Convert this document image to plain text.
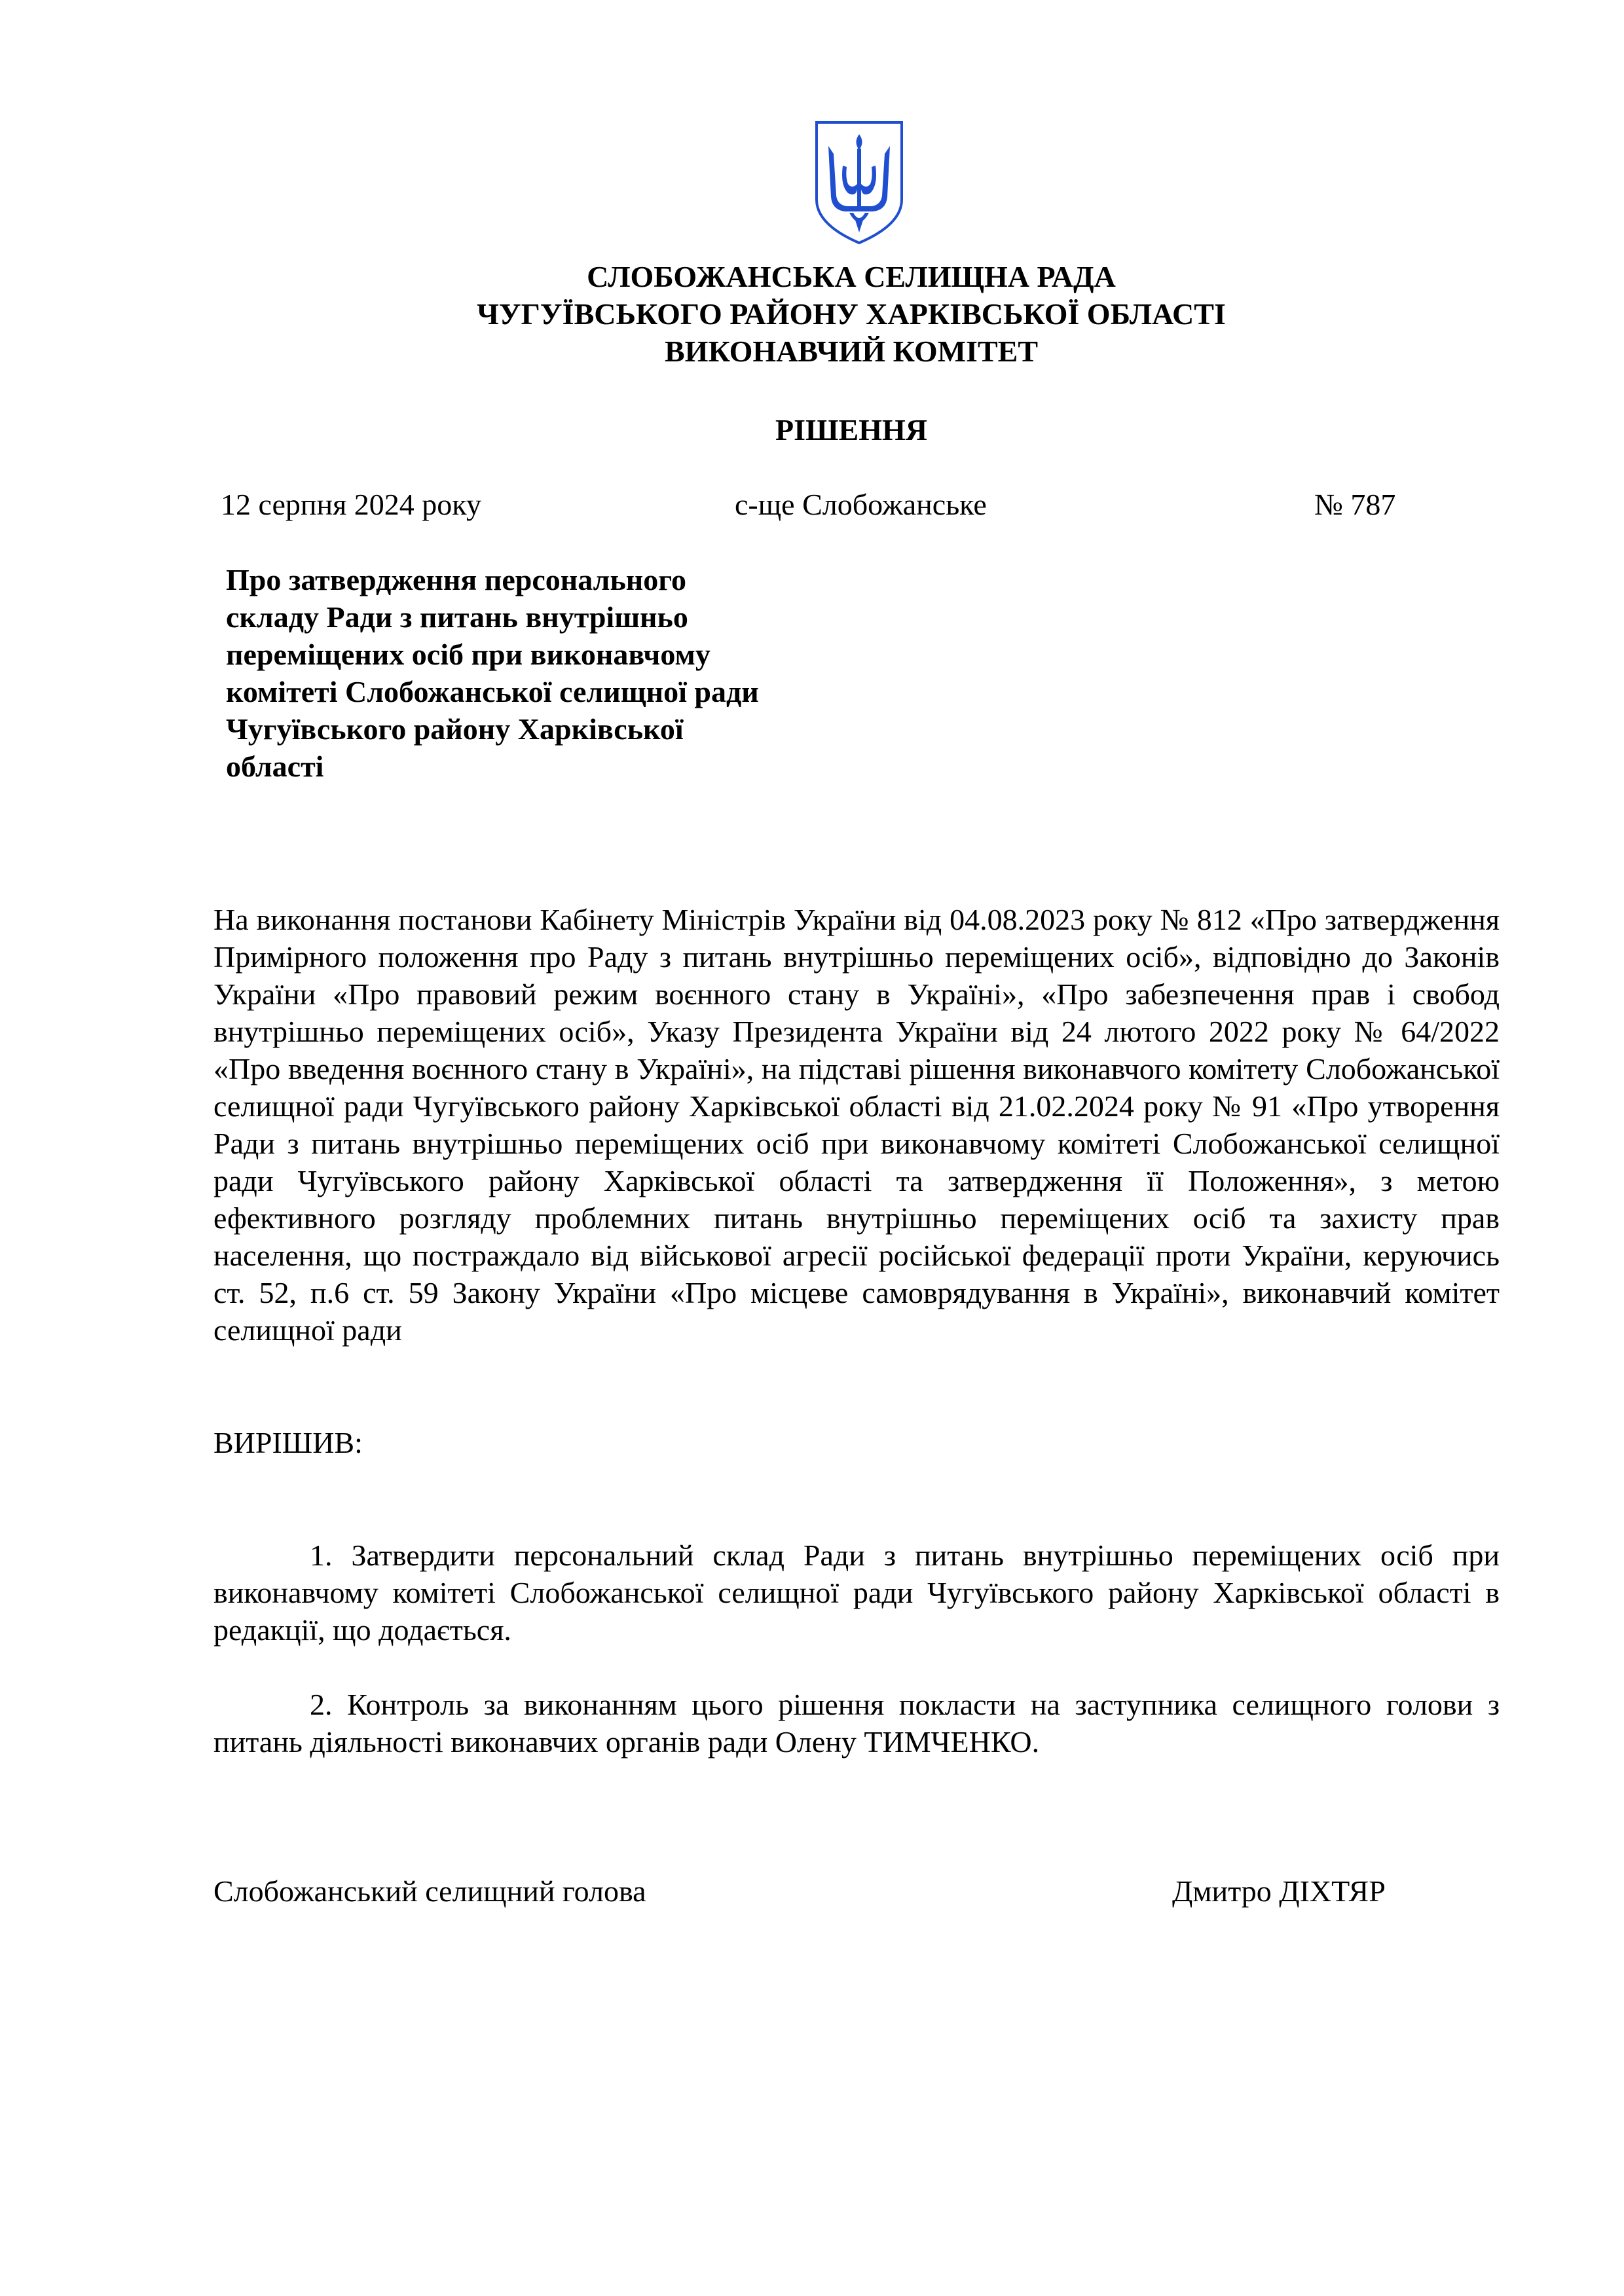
СЛОБОЖАНСЬКА СЕЛИЩНА РАДА

ЧУГУЇВСЬКОГО РАЙОНУ ХАРКІВСЬКОЇ ОБЛАСТІ

ВИКОНАВЧИЙ КОМІТЕТ

РІШЕННЯ

12 серпня 2024 року	с-ще Слобожанське	№ 787

Про затвердження персонального складу Ради з питань внутрішньо переміщених осіб при виконавчому комітеті Слобожанської селищної ради Чугуївського району Харківської області

На виконання постанови Кабінету Міністрів України від 04.08.2023 року № 812 «Про затвердження Примірного положення про Раду з питань внутрішньо переміщених осіб», відповідно до Законів України «Про правовий режим воєнного стану в Україні», «Про забезпечення прав і свобод внутрішньо переміщених осіб», Указу Президента України від 24 лютого 2022 року № 64/2022 «Про введення воєнного стану в Україні», на підставі рішення виконавчого комітету Слобожанської селищної ради Чугуївського району Харківської області від 21.02.2024 року № 91 «Про утворення Ради з питань внутрішньо переміщених осіб при виконавчому комітеті Слобожанської селищної ради Чугуївського району Харківської області та затвердження її Положення», з метою ефективного розгляду проблемних питань внутрішньо переміщених осіб та захисту прав населення, що постраждало від військової агресії російської федерації проти України, керуючись ст. 52, п.6 ст. 59 Закону України «Про місцеве самоврядування в Україні», виконавчий комітет селищної ради

ВИРІШИВ:

1. Затвердити персональний склад Ради з питань внутрішньо переміщених осіб при виконавчому комітеті Слобожанської селищної ради Чугуївського району Харківської області в редакції, що додається.

2. Контроль за виконанням цього рішення покласти на заступника селищного голови з питань діяльності виконавчих органів ради Олену ТИМЧЕНКО.

Слобожанський селищний голова	Дмитро ДІХТЯР
